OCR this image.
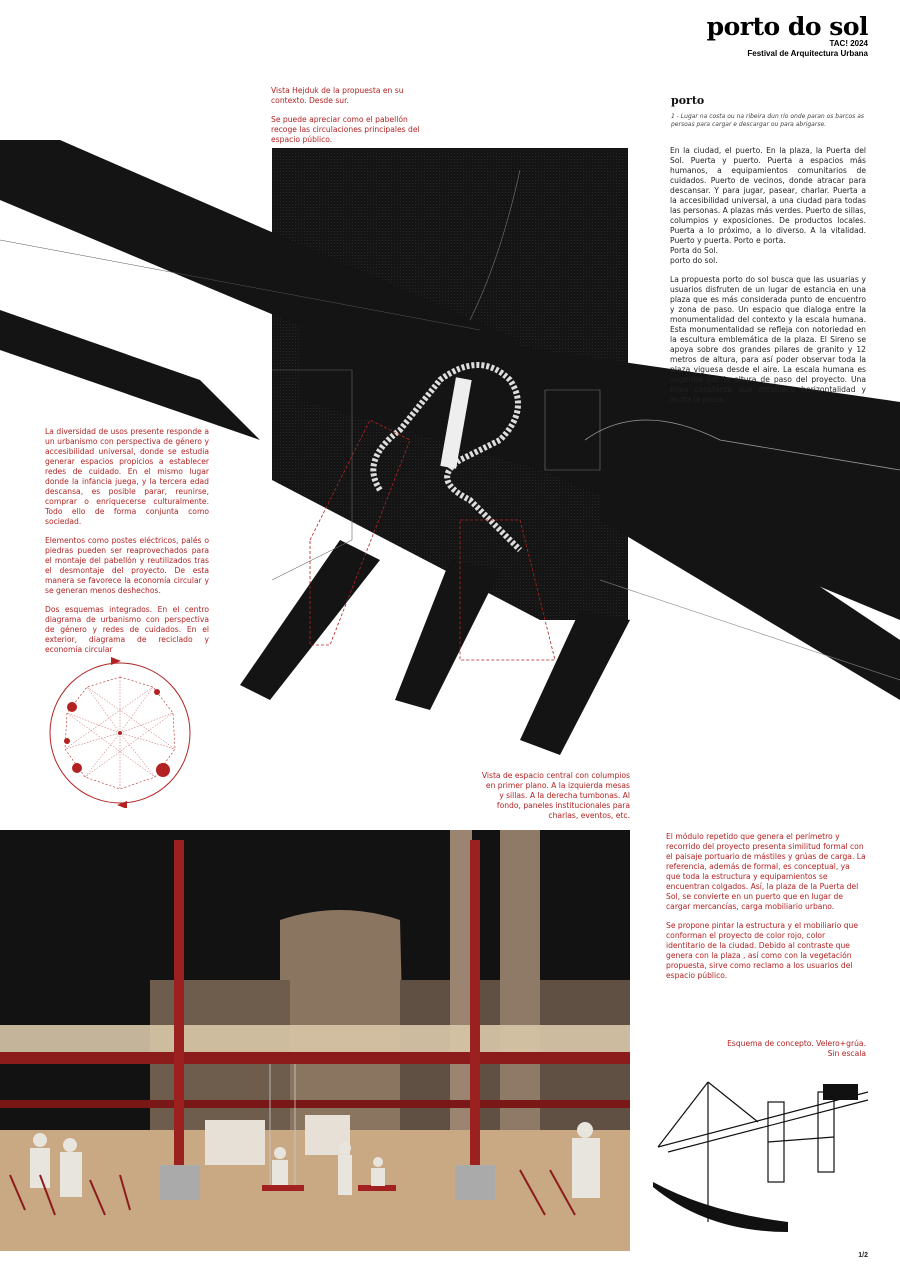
porto do sol
TAC! 2024
Festival de Arquitectura Urbana
Vista Hejduk de la propuesta en su contexto. Desde sur.
Se puede apreciar como el pabellón recoge las circulaciones principales del espacio público.
porto
1 - Lugar na costa ou na ribeira dun río onde paran os barcos as persoas para cargar e descargar ou para abrigarse.
En la ciudad, el puerto. En la plaza, la Puerta del Sol. Puerta y puerto. Puerta a espacios más humanos, a equipamientos comunitarios de cuidados. Puerto de vecinos, donde atracar para descansar. Y para jugar, pasear, charlar. Puerta a la accesibilidad universal, a una ciudad para todas las personas. A plazas más verdes. Puerto de sillas, columpios y exposiciones. De productos locales. Puerta a lo próximo, a lo diverso. A la vitalidad. Puerto y puerta. Porto e porta.
Porta do Sol.
porto do sol.
La propuesta porto do sol busca que las usuarias y usuarios disfruten de un lugar de estancia en una plaza que es más considerada punto de encuentro y zona de paso. Un espacio que dialoga entre la monumentalidad del contexto y la escala humana. Esta monumentalidad se refleja con notoriedad en la escultura emblemática de la plaza. El Sireno se apoya sobre dos grandes pilares de granito y 12 metros de altura, para así poder observar toda la plaza viguesa desde el aire. La escala humana es sugerida por la altura de paso del proyecto. Una línea constante que establece horizontalidad y acota la plaza.
La diversidad de usos presente responde a un urbanismo con perspectiva de género y accesibilidad universal, donde se estudia generar espacios propicios a establecer redes de cuidado. En el mismo lugar donde la infancia juega, y la tercera edad descansa, es posible parar, reunirse, comprar o enriquecerse culturalmente. Todo ello de forma conjunta como sociedad.
Elementos como postes eléctricos, palés o piedras pueden ser reaprovechados para el montaje del pabellón y reutilizados tras el desmontaje del proyecto. De esta manera se favorece la economía circular y se generan menos deshechos.
Dos esquemas integrados. En el centro diagrama de urbanismo con perspectiva de género y redes de cuidados. En el exterior, diagrama de reciclado y economía circular
Vista de espacio central con columpios en primer plano. A la izquierda mesas y sillas. A la derecha tumbonas. Al fondo, paneles institucionales para charlas, eventos, etc.
El módulo repetido que genera el perímetro y recorrido del proyecto presenta similitud formal con el paisaje portuario de mástiles y grúas de carga. La referencia, además de formal, es conceptual, ya que toda la estructura y equipamientos se encuentran colgados. Así, la plaza de la Puerta del Sol, se convierte en un puerto que en lugar de cargar mercancías, carga mobiliario urbano.
Se propone pintar la estructura y el mobiliario que conforman el proyecto de color rojo, color identitario de la ciudad. Debido al contraste que genera con la plaza , así como con la vegetación propuesta, sirve como reclamo a los usuarios del espacio público.
Esquema de concepto. Velero+grúa.
Sin escala
1/2
